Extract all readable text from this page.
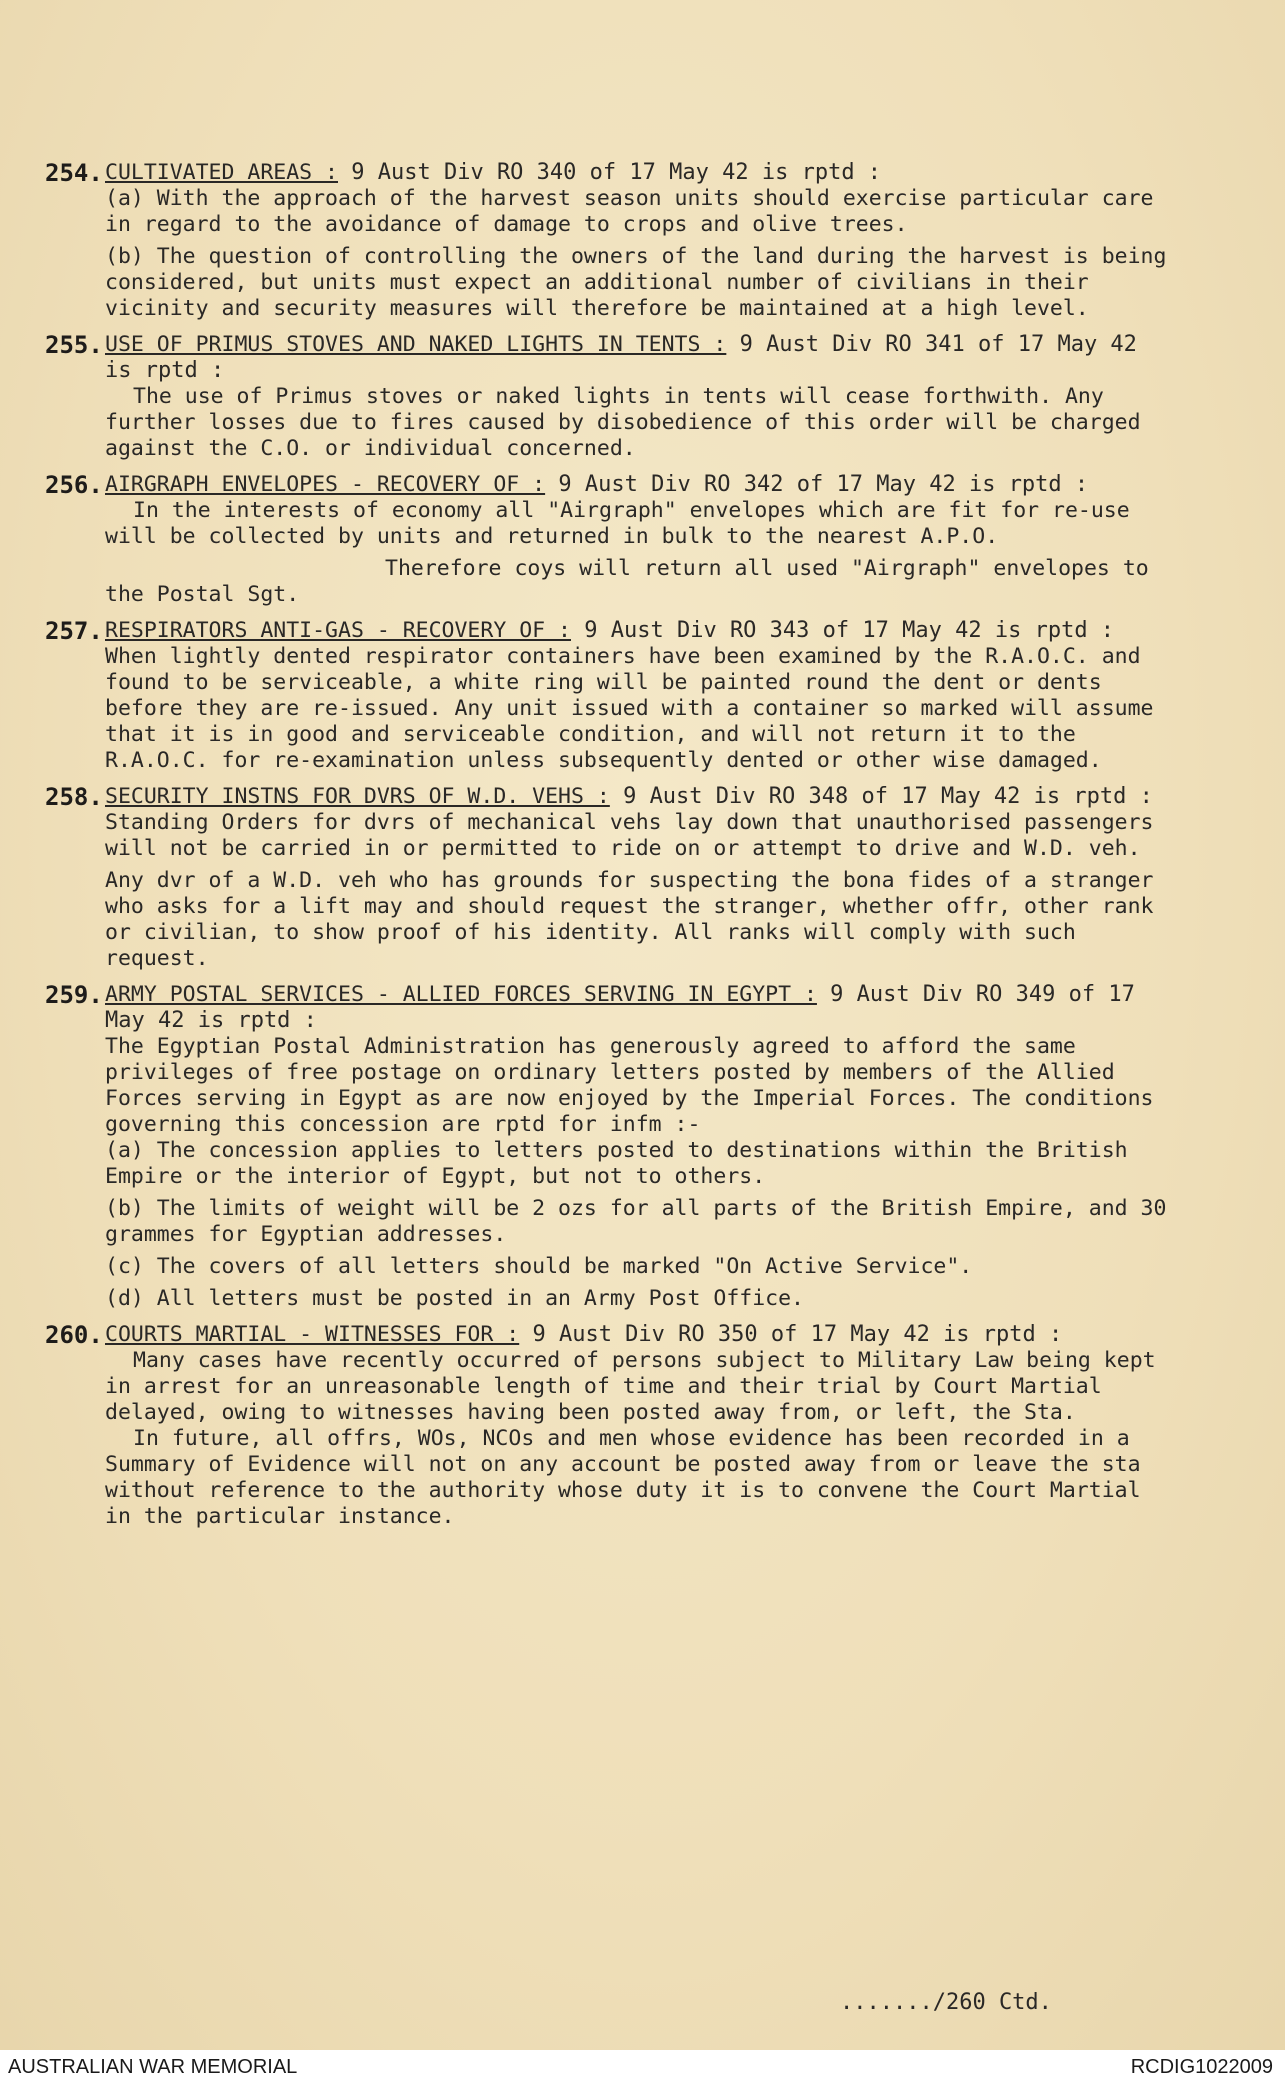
254. CULTIVATED AREAS : 9 Aust Div RO 340 of 17 May 42 is rptd :

(a) With the approach of the harvest season units should exercise particular care in regard to the avoidance of damage to crops and olive trees.

(b) The question of controlling the owners of the land during the harvest is being considered, but units must expect an additional number of civilians in their vicinity and security measures will therefore be maintained at a high level.

255. USE OF PRIMUS STOVES AND NAKED LIGHTS IN TENTS : 9 Aust Div RO 341 of 17 May 42 is rptd :

The use of Primus stoves or naked lights in tents will cease forthwith. Any further losses due to fires caused by disobedience of this order will be charged against the C.O. or individual concerned.

256. AIRGRAPH ENVELOPES - RECOVERY OF : 9 Aust Div RO 342 of 17 May 42 is rptd :

In the interests of economy all "Airgraph" envelopes which are fit for re-use will be collected by units and returned in bulk to the nearest A.P.O.

Therefore coys will return all used "Airgraph" envelopes to the Postal Sgt.

257. RESPIRATORS ANTI-GAS - RECOVERY OF : 9 Aust Div RO 343 of 17 May 42 is rptd :

When lightly dented respirator containers have been examined by the R.A.O.C. and found to be serviceable, a white ring will be painted round the dent or dents before they are re-issued. Any unit issued with a container so marked will assume that it is in good and serviceable condition, and will not return it to the R.A.O.C. for re-examination unless subsequently dented or other wise damaged.

258. SECURITY INSTNS FOR DVRS OF W.D. VEHS : 9 Aust Div RO 348 of 17 May 42 is rptd :

Standing Orders for dvrs of mechanical vehs lay down that unauthorised passengers will not be carried in or permitted to ride on or attempt to drive and W.D. veh.

Any dvr of a W.D. veh who has grounds for suspecting the bona fides of a stranger who asks for a lift may and should request the stranger, whether offr, other rank or civilian, to show proof of his identity. All ranks will comply with such request.

259. ARMY POSTAL SERVICES - ALLIED FORCES SERVING IN EGYPT : 9 Aust Div RO 349 of 17 May 42 is rptd :

The Egyptian Postal Administration has generously agreed to afford the same privileges of free postage on ordinary letters posted by members of the Allied Forces serving in Egypt as are now enjoyed by the Imperial Forces. The conditions governing this concession are rptd for infm :-

(a) The concession applies to letters posted to destinations within the British Empire or the interior of Egypt, but not to others.

(b) The limits of weight will be 2 ozs for all parts of the British Empire, and 30 grammes for Egyptian addresses.

(c) The covers of all letters should be marked "On Active Service".

(d) All letters must be posted in an Army Post Office.

260. COURTS MARTIAL - WITNESSES FOR : 9 Aust Div RO 350 of 17 May 42 is rptd :

Many cases have recently occurred of persons subject to Military Law being kept in arrest for an unreasonable length of time and their trial by Court Martial delayed, owing to witnesses having been posted away from, or left, the Sta.

In future, all offrs, WOs, NCOs and men whose evidence has been recorded in a Summary of Evidence will not on any account be posted away from or leave the sta without reference to the authority whose duty it is to convene the Court Martial in the particular instance.

......./260 Ctd.
AUSTRALIAN WAR MEMORIAL	RCDIG1022009
